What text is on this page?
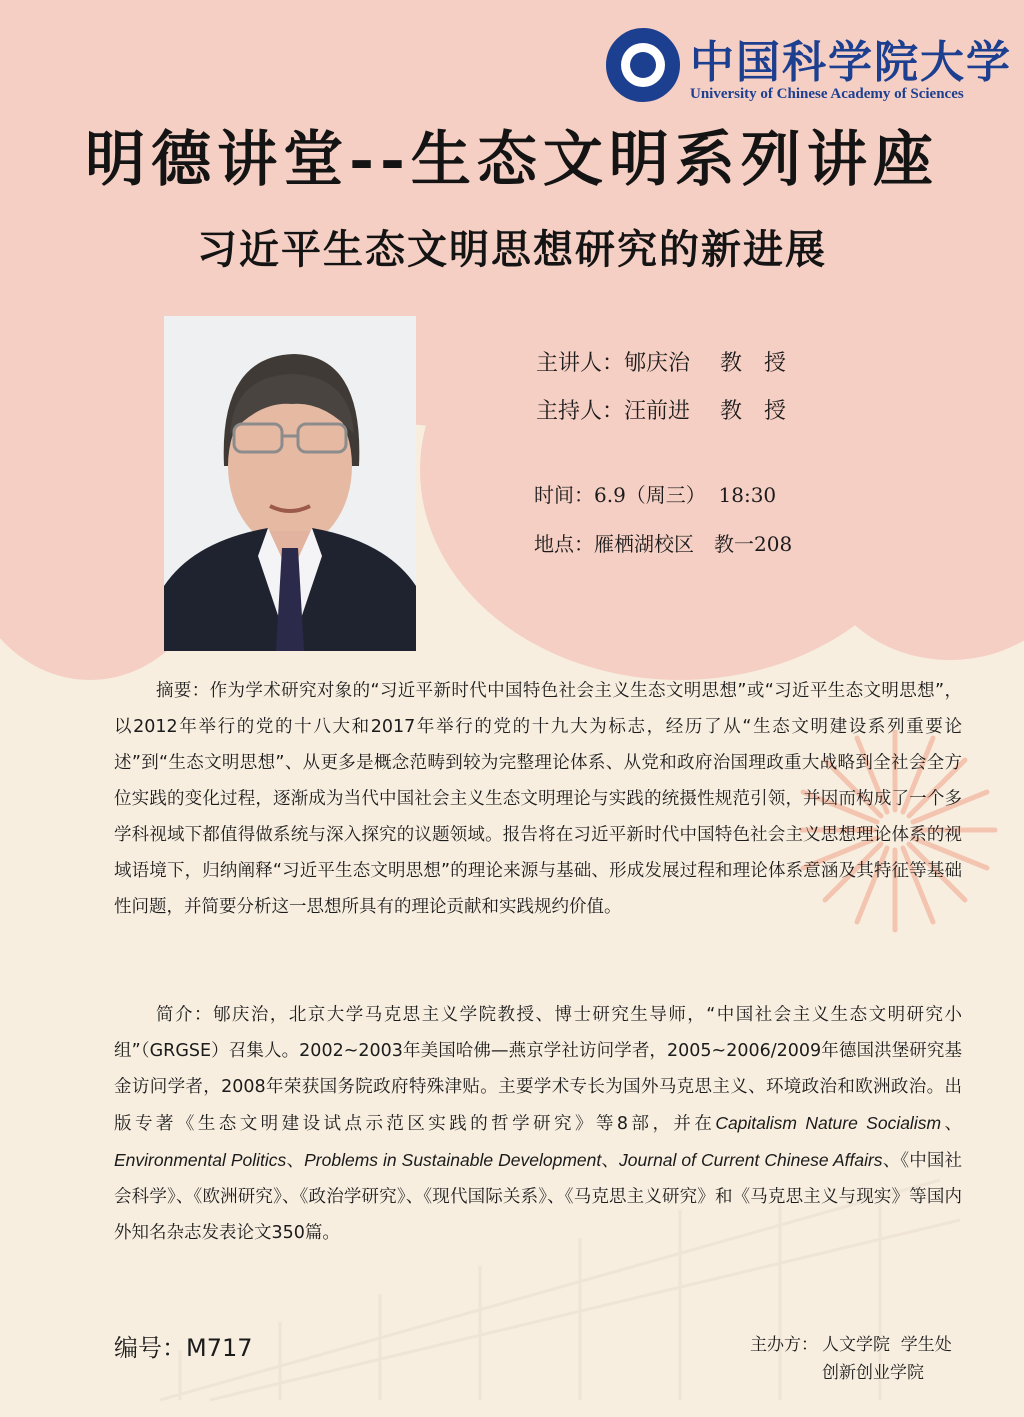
中国科学院大学
University of Chinese Academy of Sciences
明德讲堂--生态文明系列讲座
习近平生态文明思想研究的新进展
主讲人：郇庆治 教　授
主持人：汪前进 教　授
时间：6.9（周三）  18:30
地点：雁栖湖校区　教一208
摘要：作为学术研究对象的“习近平新时代中国特色社会主义生态文明思想”或“习近平生态文明思想”，以2012年举行的党的十八大和2017年举行的党的十九大为标志，经历了从“生态文明建设系列重要论述”到“生态文明思想”、从更多是概念范畴到较为完整理论体系、从党和政府治国理政重大战略到全社会全方位实践的变化过程，逐渐成为当代中国社会主义生态文明理论与实践的统摄性规范引领，并因而构成了一个多学科视域下都值得做系统与深入探究的议题领域。报告将在习近平新时代中国特色社会主义思想理论体系的视域语境下，归纳阐释“习近平生态文明思想”的理论来源与基础、形成发展过程和理论体系意涵及其特征等基础性问题，并简要分析这一思想所具有的理论贡献和实践规约价值。
简介：郇庆治，北京大学马克思主义学院教授、博士研究生导师，“中国社会主义生态文明研究小组”（GRGSE）召集人。2002~2003年美国哈佛—燕京学社访问学者，2005~2006/2009年德国洪堡研究基金访问学者，2008年荣获国务院政府特殊津贴。主要学术专长为国外马克思主义、环境政治和欧洲政治。出版专著《生态文明建设试点示范区实践的哲学研究》等8部，并在Capitalism Nature Socialism、Environmental Politics、Problems in Sustainable Development、Journal of Current Chinese Affairs、《中国社会科学》、《欧洲研究》、《政治学研究》、《现代国际关系》、《马克思主义研究》和《马克思主义与现实》等国内外知名杂志发表论文350篇。
编号：M717	主办方： 人文学院  学生处
创新创业学院
